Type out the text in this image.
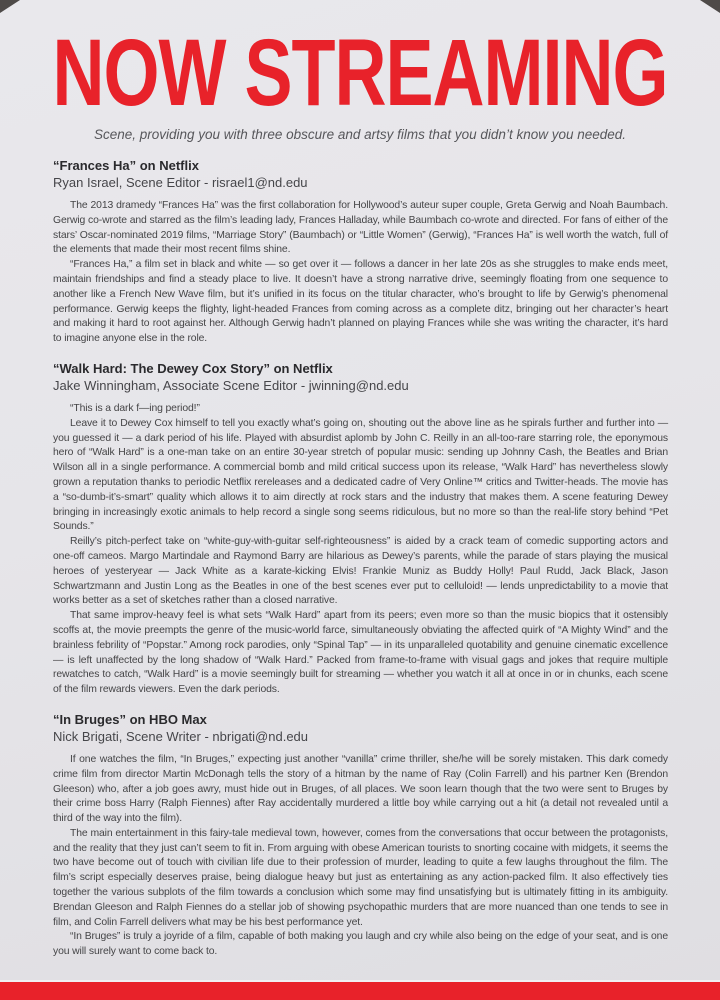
NOW STREAMING

Scene, providing you with three obscure and artsy films that you didn’t know you needed.

“Frances Ha” on Netflix
Ryan Israel, Scene Editor - risrael1@nd.edu

The 2013 dramedy “Frances Ha” was the first collaboration for Hollywood’s auteur super couple, Greta Gerwig and Noah Baumbach. Gerwig co-wrote and starred as the film’s leading lady, Frances Halladay, while Baumbach co-wrote and directed. For fans of either of the stars’ Oscar-nominated 2019 films, “Marriage Story” (Baumbach) or “Little Women” (Gerwig), “Frances Ha” is well worth the watch, full of the elements that made their most recent films shine.

“Frances Ha,” a film set in black and white — so get over it — follows a dancer in her late 20s as she struggles to make ends meet, maintain friendships and find a steady place to live. It doesn’t have a strong narrative drive, seemingly floating from one sequence to another like a French New Wave film, but it’s unified in its focus on the titular character, who’s brought to life by Gerwig’s phenomenal performance. Gerwig keeps the flighty, light-headed Frances from coming across as a complete ditz, bringing out her character’s heart and making it hard to root against her. Although Gerwig hadn’t planned on playing Frances while she was writing the character, it’s hard to imagine anyone else in the role.

“Walk Hard: The Dewey Cox Story” on Netflix
Jake Winningham, Associate Scene Editor - jwinning@nd.edu

“This is a dark f—ing period!”

Leave it to Dewey Cox himself to tell you exactly what’s going on, shouting out the above line as he spirals further and further into — you guessed it — a dark period of his life. Played with absurdist aplomb by John C. Reilly in an all-too-rare starring role, the eponymous hero of “Walk Hard” is a one-man take on an entire 30-year stretch of popular music: sending up Johnny Cash, the Beatles and Brian Wilson all in a single performance. A commercial bomb and mild critical success upon its release, “Walk Hard” has nevertheless slowly grown a reputation thanks to periodic Netflix rereleases and a dedicated cadre of Very Online™ critics and Twitter-heads. The movie has a “so-dumb-it’s-smart” quality which allows it to aim directly at rock stars and the industry that makes them. A scene featuring Dewey bringing in increasingly exotic animals to help record a single song seems ridiculous, but no more so than the real-life story behind “Pet Sounds.”

Reilly’s pitch-perfect take on “white-guy-with-guitar self-righteousness” is aided by a crack team of comedic supporting actors and one-off cameos. Margo Martindale and Raymond Barry are hilarious as Dewey’s parents, while the parade of stars playing the musical heroes of yesteryear — Jack White as a karate-kicking Elvis! Frankie Muniz as Buddy Holly! Paul Rudd, Jack Black, Jason Schwartzmann and Justin Long as the Beatles in one of the best scenes ever put to celluloid! — lends unpredictability to a movie that works better as a set of sketches rather than a closed narrative.

That same improv-heavy feel is what sets “Walk Hard” apart from its peers; even more so than the music biopics that it ostensibly scoffs at, the movie preempts the genre of the music-world farce, simultaneously obviating the affected quirk of “A Mighty Wind” and the brainless febrility of “Popstar.” Among rock parodies, only “Spinal Tap” — in its unparalleled quotability and genuine cinematic excellence — is left unaffected by the long shadow of “Walk Hard.” Packed from frame-to-frame with visual gags and jokes that require multiple rewatches to catch, “Walk Hard” is a movie seemingly built for streaming — whether you watch it all at once in or in chunks, each scene of the film rewards viewers. Even the dark periods.

“In Bruges” on HBO Max
Nick Brigati, Scene Writer - nbrigati@nd.edu

If one watches the film, “In Bruges,” expecting just another “vanilla” crime thriller, she/he will be sorely mistaken. This dark comedy crime film from director Martin McDonagh tells the story of a hitman by the name of Ray (Colin Farrell) and his partner Ken (Brendon Gleeson) who, after a job goes awry, must hide out in Bruges, of all places. We soon learn though that the two were sent to Bruges by their crime boss Harry (Ralph Fiennes) after Ray accidentally murdered a little boy while carrying out a hit (a detail not revealed until a third of the way into the film).

The main entertainment in this fairy-tale medieval town, however, comes from the conversations that occur between the protagonists, and the reality that they just can’t seem to fit in. From arguing with obese American tourists to snorting cocaine with midgets, it seems the two have become out of touch with civilian life due to their profession of murder, leading to quite a few laughs throughout the film. The film’s script especially deserves praise, being dialogue heavy but just as entertaining as any action-packed film. It also effectively ties together the various subplots of the film towards a conclusion which some may find unsatisfying but is ultimately fitting in its ambiguity. Brendan Gleeson and Ralph Fiennes do a stellar job of showing psychopathic murders that are more nuanced than one tends to see in film, and Colin Farrell delivers what may be his best performance yet.

“In Bruges” is truly a joyride of a film, capable of both making you laugh and cry while also being on the edge of your seat, and is one you will surely want to come back to.
